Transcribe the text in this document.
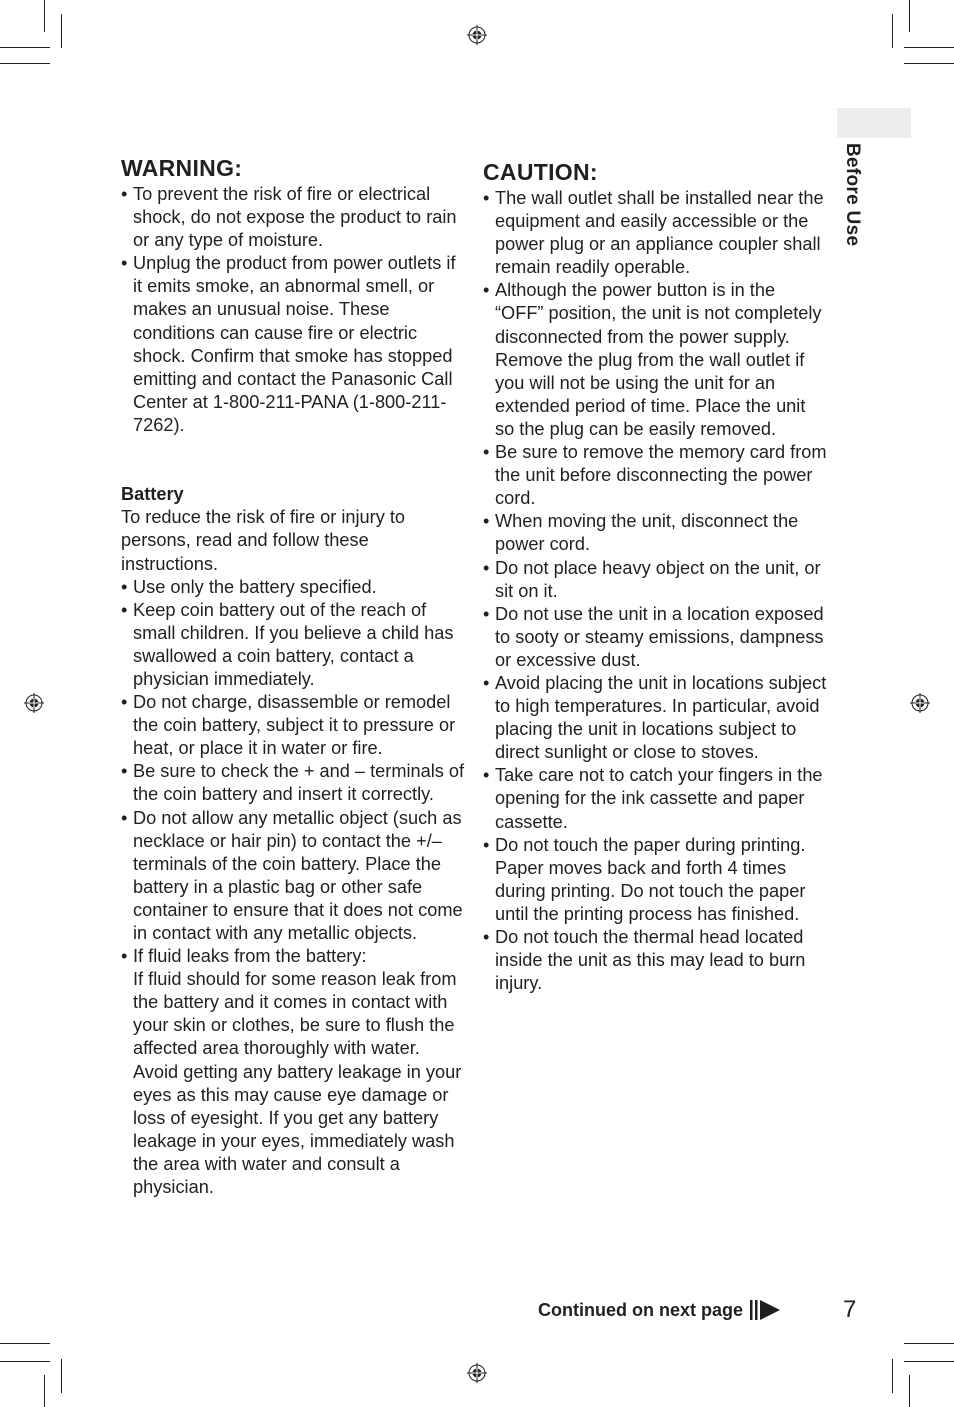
Before Use
WARNING:
• To prevent the risk of fire or electrical shock, do not expose the product to rain or any type of moisture.
• Unplug the product from power outlets if it emits smoke, an abnormal smell, or makes an unusual noise. These conditions can cause fire or electric shock. Confirm that smoke has stopped emitting and contact the Panasonic Call Center at 1-800-211-PANA (1-800-211-7262).
Battery

To reduce the risk of fire or injury to persons, read and follow these instructions.

• Use only the battery specified.
• Keep coin battery out of the reach of small children. If you believe a child has swallowed a coin battery, contact a physician immediately.
• Do not charge, disassemble or remodel the coin battery, subject it to pressure or heat, or place it in water or fire.
• Be sure to check the + and – terminals of the coin battery and insert it correctly.
• Do not allow any metallic object (such as necklace or hair pin) to contact the +/– terminals of the coin battery. Place the battery in a plastic bag or other safe container to ensure that it does not come in contact with any metallic objects.
• If fluid leaks from the battery:
If fluid should for some reason leak from the battery and it comes in contact with your skin or clothes, be sure to flush the affected area thoroughly with water.
Avoid getting any battery leakage in your eyes as this may cause eye damage or loss of eyesight. If you get any battery leakage in your eyes, immediately wash the area with water and consult a physician.
CAUTION:
• The wall outlet shall be installed near the equipment and easily accessible or the power plug or an appliance coupler shall remain readily operable.
• Although the power button is in the “OFF” position, the unit is not completely disconnected from the power supply. Remove the plug from the wall outlet if you will not be using the unit for an extended period of time. Place the unit so the plug can be easily removed.
• Be sure to remove the memory card from the unit before disconnecting the power cord.
• When moving the unit, disconnect the power cord.
• Do not place heavy object on the unit, or sit on it.
• Do not use the unit in a location exposed to sooty or steamy emissions, dampness or excessive dust.
• Avoid placing the unit in locations subject to high temperatures. In particular, avoid placing the unit in locations subject to direct sunlight or close to stoves.
• Take care not to catch your fingers in the opening for the ink cassette and paper cassette.
• Do not touch the paper during printing. Paper moves back and forth 4 times during printing. Do not touch the paper until the printing process has finished.
• Do not touch the thermal head located inside the unit as this may lead to burn injury.
Continued on next page	7
